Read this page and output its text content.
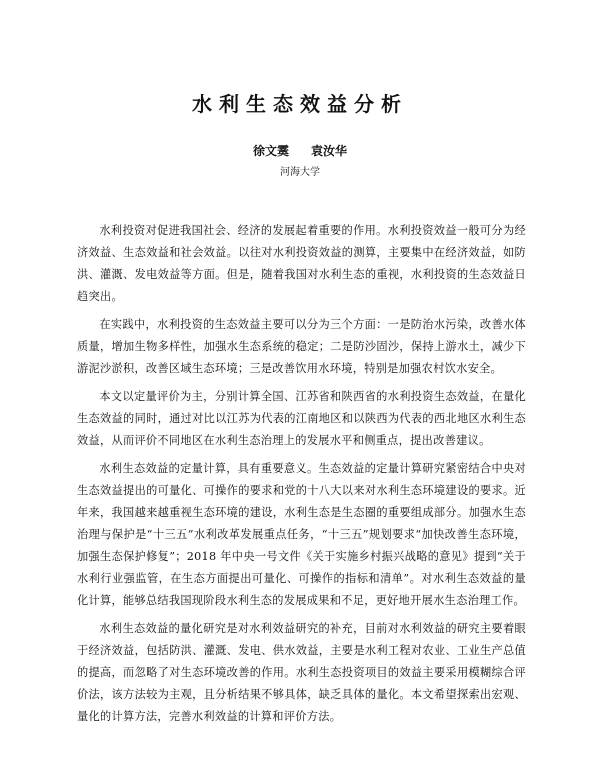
水利生态效益分析
徐文霙 袁汝华
河海大学

水利投资对促进我国社会、经济的发展起着重要的作用。水利投资效益一般可分为经济效益、生态效益和社会效益。以往对水利投资效益的测算，主要集中在经济效益，如防洪、灌溉、发电效益等方面。但是，随着我国对水利生态的重视，水利投资的生态效益日趋突出。

在实践中，水利投资的生态效益主要可以分为三个方面：一是防治水污染，改善水体质量，增加生物多样性，加强水生态系统的稳定；二是防沙固沙，保持上游水土，减少下游泥沙淤积，改善区域生态环境；三是改善饮用水环境，特别是加强农村饮水安全。

本文以定量评价为主，分别计算全国、江苏省和陕西省的水利投资生态效益，在量化生态效益的同时，通过对比以江苏为代表的江南地区和以陕西为代表的西北地区水利生态效益，从而评价不同地区在水利生态治理上的发展水平和侧重点，提出改善建议。

水利生态效益的定量计算，具有重要意义。生态效益的定量计算研究紧密结合中央对生态效益提出的可量化、可操作的要求和党的十八大以来对水利生态环境建设的要求。近年来，我国越来越重视生态环境的建设，水利生态是生态圈的重要组成部分。加强水生态治理与保护是“十三五”水利改革发展重点任务，“十三五”规划要求“加快改善生态环境，加强生态保护修复”；2018 年中央一号文件《关于实施乡村振兴战略的意见》提到“关于水利行业强监管，在生态方面提出可量化、可操作的指标和清单”。对水利生态效益的量化计算，能够总结我国现阶段水利生态的发展成果和不足，更好地开展水生态治理工作。

水利生态效益的量化研究是对水利效益研究的补充，目前对水利效益的研究主要着眼于经济效益，包括防洪、灌溉、发电、供水效益，主要是水利工程对农业、工业生产总值的提高，而忽略了对生态环境改善的作用。水利生态投资项目的效益主要采用模糊综合评价法，该方法较为主观，且分析结果不够具体，缺乏具体的量化。本文希望探索出宏观、量化的计算方法，完善水利效益的计算和评价方法。
